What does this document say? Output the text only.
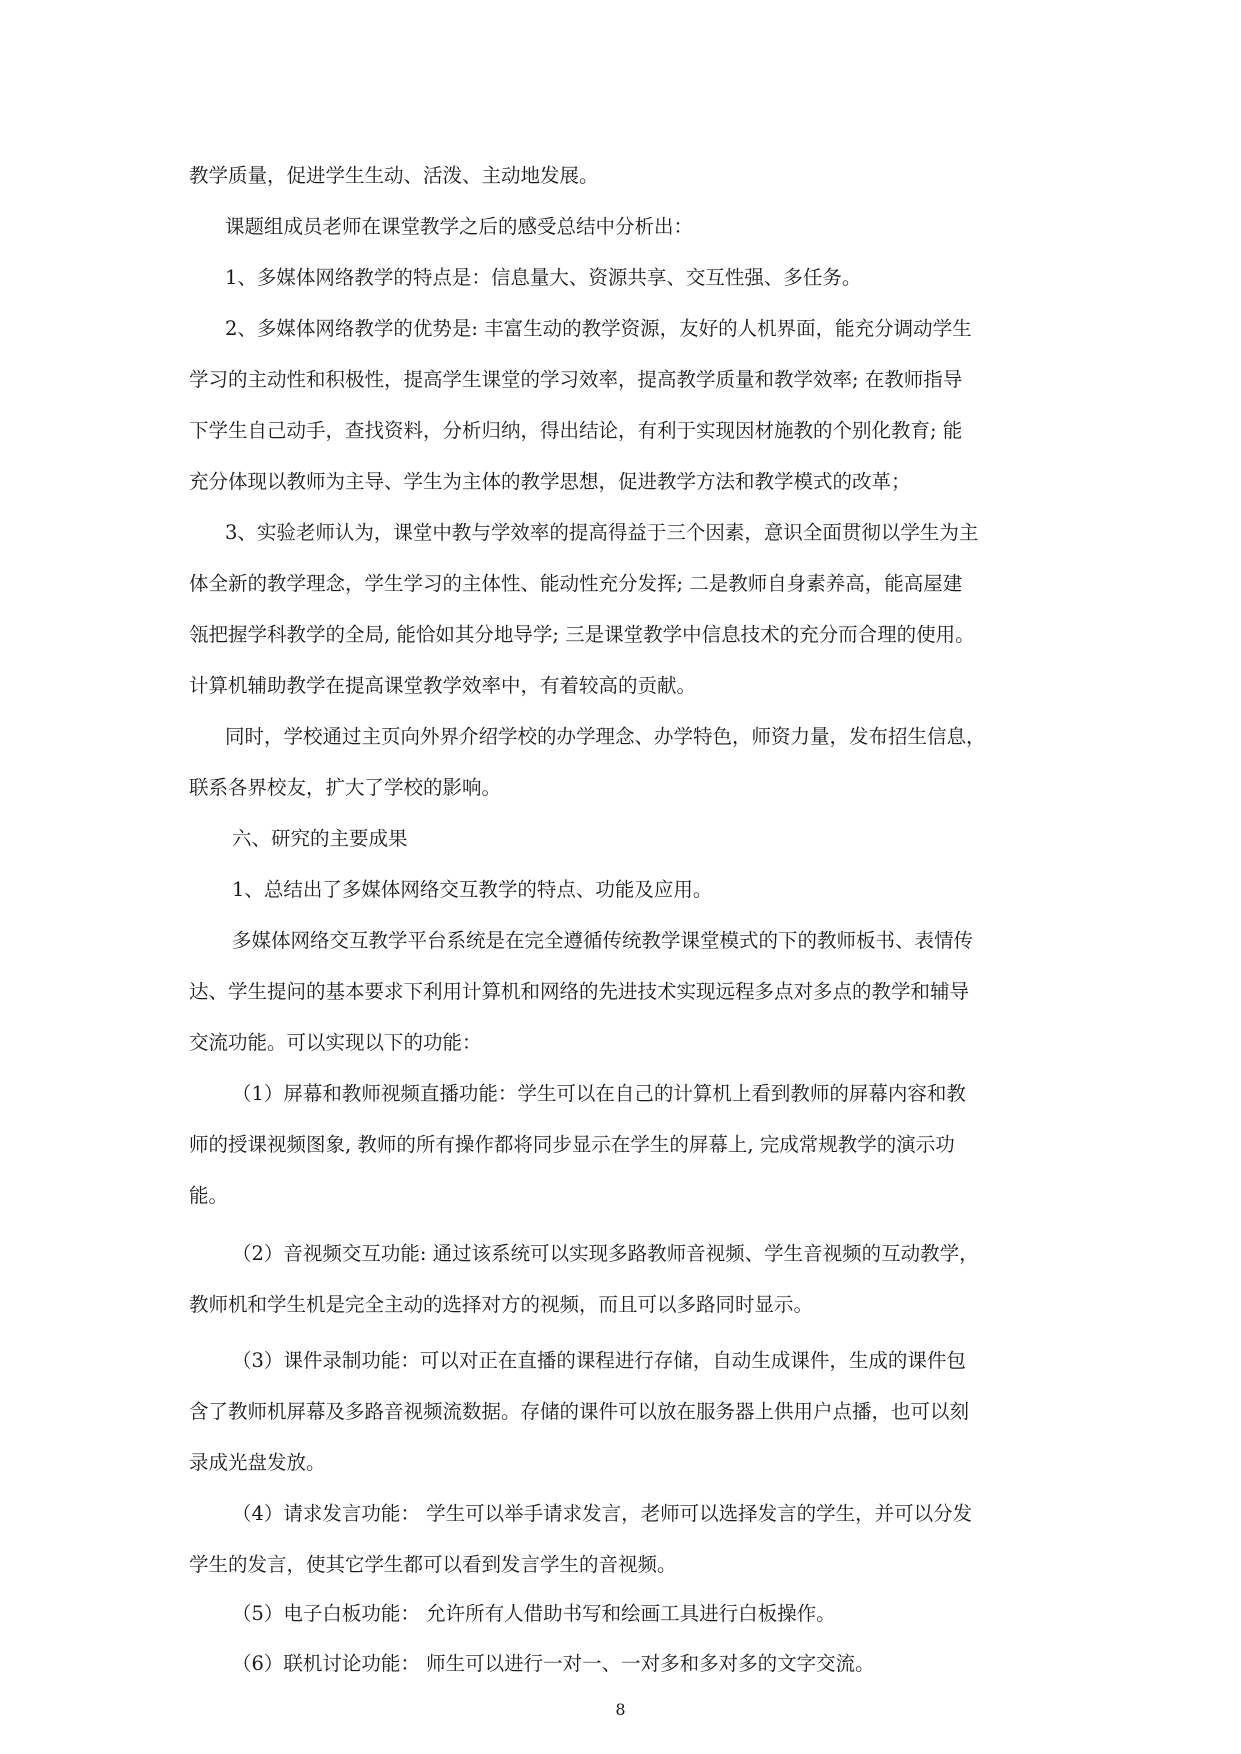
教学质量，促进学生生动、活泼、主动地发展。

课题组成员老师在课堂教学之后的感受总结中分析出：

1、多媒体网络教学的特点是：信息量大、资源共享、交互性强、多任务。

2、多媒体网络教学的优势是: 丰富生动的教学资源，友好的人机界面，能充分调动学生

学习的主动性和积极性，提高学生课堂的学习效率，提高教学质量和教学效率; 在教师指导

下学生自己动手，查找资料，分析归纳，得出结论，有利于实现因材施教的个别化教育; 能

充分体现以教师为主导、学生为主体的教学思想，促进教学方法和教学模式的改革；

3、实验老师认为，课堂中教与学效率的提高得益于三个因素，意识全面贯彻以学生为主

体全新的教学理念，学生学习的主体性、能动性充分发挥; 二是教师自身素养高，能高屋建

瓴把握学科教学的全局, 能恰如其分地导学; 三是课堂教学中信息技术的充分而合理的使用。

计算机辅助教学在提高课堂教学效率中，有着较高的贡献。

同时，学校通过主页向外界介绍学校的办学理念、办学特色，师资力量，发布招生信息，

联系各界校友，扩大了学校的影响。

六、研究的主要成果

1、总结出了多媒体网络交互教学的特点、功能及应用。

多媒体网络交互教学平台系统是在完全遵循传统教学课堂模式的下的教师板书、表情传

达、学生提问的基本要求下利用计算机和网络的先进技术实现远程多点对多点的教学和辅导

交流功能。可以实现以下的功能：

（1）屏幕和教师视频直播功能：学生可以在自己的计算机上看到教师的屏幕内容和教

师的授课视频图象, 教师的所有操作都将同步显示在学生的屏幕上, 完成常规教学的演示功

能。

（2）音视频交互功能: 通过该系统可以实现多路教师音视频、学生音视频的互动教学，

教师机和学生机是完全主动的选择对方的视频，而且可以多路同时显示。

（3）课件录制功能：可以对正在直播的课程进行存储，自动生成课件，生成的课件包

含了教师机屏幕及多路音视频流数据。存储的课件可以放在服务器上供用户点播，也可以刻

录成光盘发放。

（4）请求发言功能： 学生可以举手请求发言，老师可以选择发言的学生，并可以分发

学生的发言，使其它学生都可以看到发言学生的音视频。

（5）电子白板功能： 允许所有人借助书写和绘画工具进行白板操作。

（6）联机讨论功能： 师生可以进行一对一、一对多和多对多的文字交流。

8
